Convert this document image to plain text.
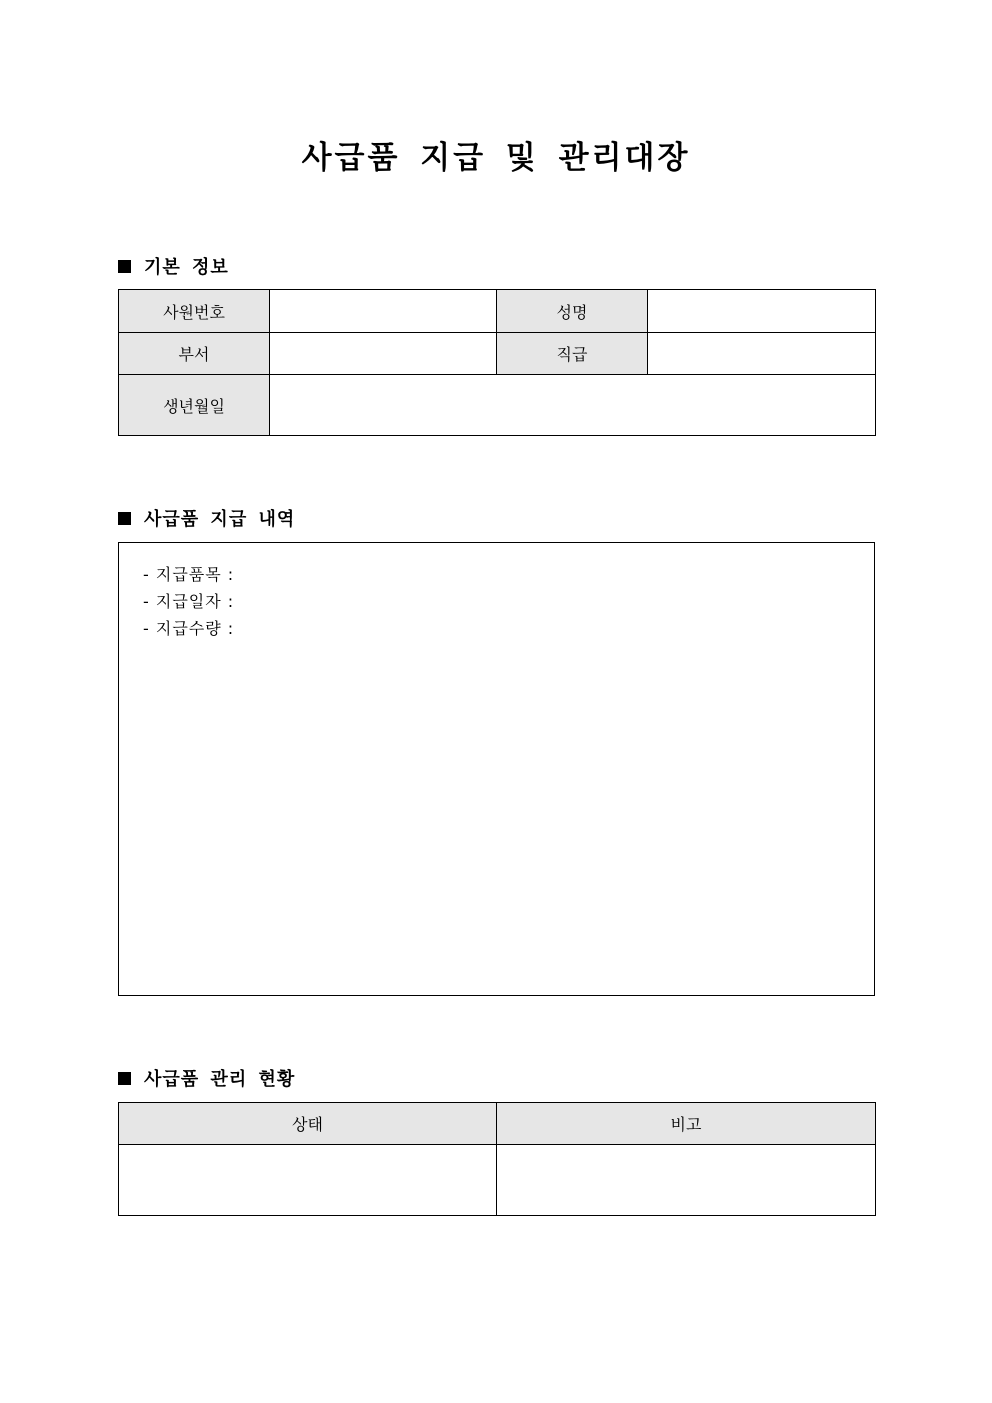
사급품 지급 및 관리대장
기본 정보
사원번호		성명	
부서		직급	
생년월일			
사급품 지급 내역
- 지급품목 :
- 지급일자 :
- 지급수량 :
사급품 관리 현황
상태	비고
